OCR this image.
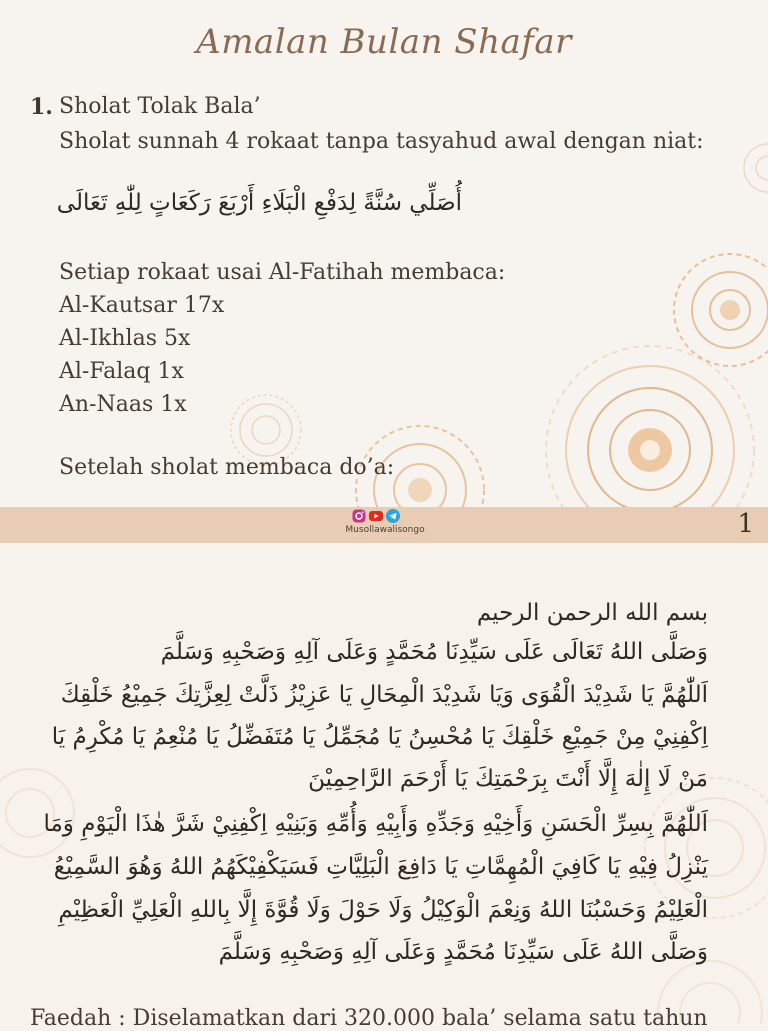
Amalan Bulan Shafar
1. Sholat Tolak Bala’
Sholat sunnah 4 rokaat tanpa tasyahud awal dengan niat:
أُصَلِّي سُنَّةً لِدَفْعِ الْبَلَاءِ أَرْبَعَ رَكَعَاتٍ لِلّٰهِ تَعَالَى
Setiap rokaat usai Al-Fatihah membaca:
Al-Kautsar 17x
Al-Ikhlas 5x
Al-Falaq 1x
An-Naas 1x
Setelah sholat membaca do’a:
Musollawalisongo	1
بسم الله الرحمن الرحيم
وَصَلَّى اللهُ تَعَالَى عَلَى سَيِّدِنَا مُحَمَّدٍ وَعَلَى آلِهِ وَصَحْبِهِ وَسَلَّمَ
اَللّٰهُمَّ يَا شَدِيْدَ الْقُوَى وَيَا شَدِيْدَ الْمِحَالِ يَا عَزِيْزُ ذَلَّتْ لِعِزَّتِكَ جَمِيْعُ خَلْقِكَ
اِكْفِنِيْ مِنْ جَمِيْعِ خَلْقِكَ يَا مُحْسِنُ يَا مُجَمِّلُ يَا مُتَفَضِّلُ يَا مُنْعِمُ يَا مُكْرِمُ يَا
مَنْ لَا إِلٰهَ إِلَّا أَنْتَ بِرَحْمَتِكَ يَا أَرْحَمَ الرَّاحِمِيْنَ
اَللّٰهُمَّ بِسِرِّ الْحَسَنِ وَأَخِيْهِ وَجَدِّهِ وَأَبِيْهِ وَأُمِّهِ وَبَنِيْهِ اِكْفِنِيْ شَرَّ هٰذَا الْيَوْمِ وَمَا
يَنْزِلُ فِيْهِ يَا كَافِيَ الْمُهِمَّاتِ يَا دَافِعَ الْبَلِيَّاتِ فَسَيَكْفِيْكَهُمُ اللهُ وَهُوَ السَّمِيْعُ
الْعَلِيْمُ وَحَسْبُنَا اللهُ وَنِعْمَ الْوَكِيْلُ وَلَا حَوْلَ وَلَا قُوَّةَ إِلَّا بِاللهِ الْعَلِيِّ الْعَظِيْمِ
وَصَلَّى اللهُ عَلَى سَيِّدِنَا مُحَمَّدٍ وَعَلَى آلِهِ وَصَحْبِهِ وَسَلَّمَ
Faedah : Diselamatkan dari 320.000 bala’ selama satu tahun
